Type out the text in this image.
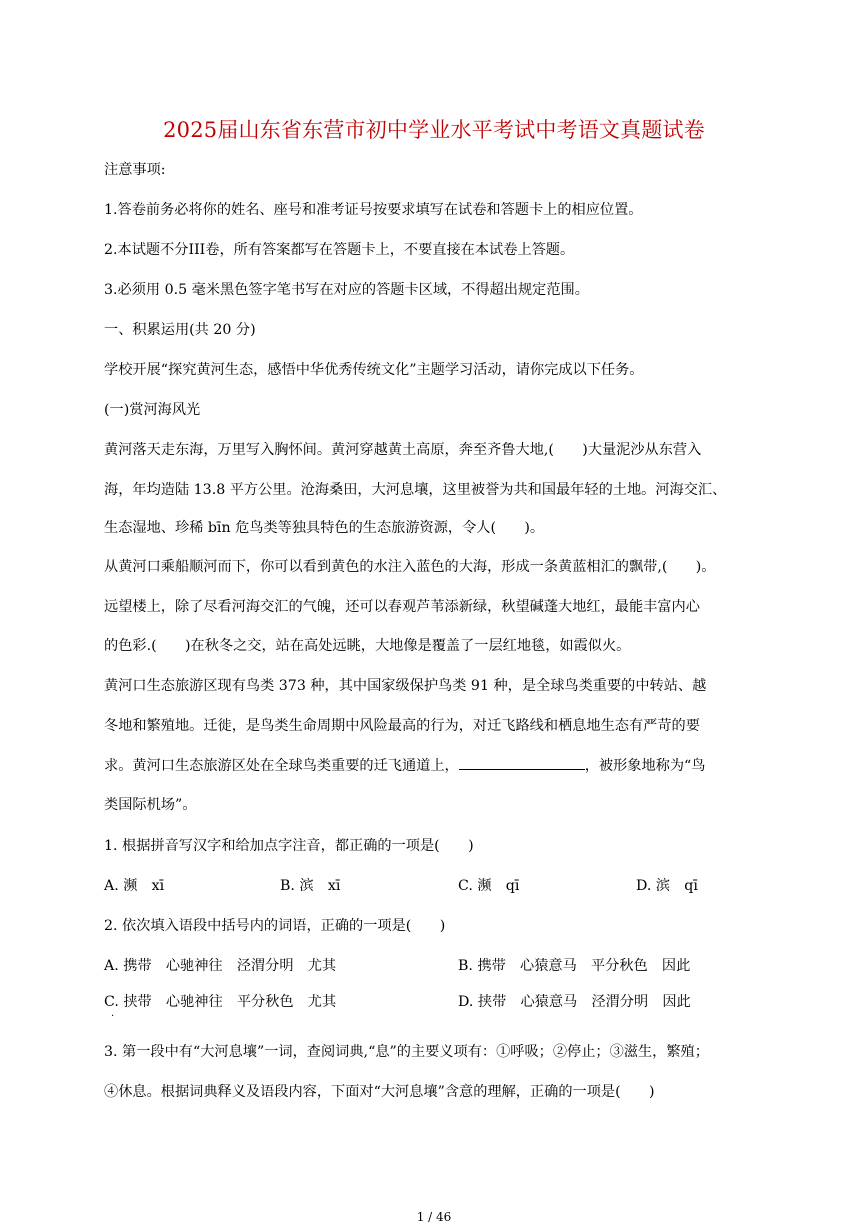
2025届山东省东营市初中学业水平考试中考语文真题试卷
注意事项:
1.答卷前务必将你的姓名、座号和准考证号按要求填写在试卷和答题卡上的相应位置。
2.本试题不分III卷，所有答案都写在答题卡上，不要直接在本试卷上答题。
3.必须用 0.5 毫米黑色签字笔书写在对应的答题卡区域，不得超出规定范围。
一、积累运用(共 20 分)
学校开展“探究黄河生态，感悟中华优秀传统文化”主题学习活动，请你完成以下任务。
(一)赏河海风光
黄河落天走东海，万里写入胸怀间。黄河穿越黄土高原，奔至齐鲁大地,(　　)大量泥沙从东营入
海，年均造陆 13.8 平方公里。沧海桑田，大河息壤，这里被誉为共和国最年轻的土地。河海交汇、
生态湿地、珍稀 bīn 危鸟类等独具特色的生态旅游资源，令人(　　)。
从黄河口乘船顺河而下，你可以看到黄色的水注入蓝色的大海，形成一条黄蓝相汇的飘带,(　　)。
远望楼上，除了尽看河海交汇的气魄，还可以春观芦苇添新绿，秋望碱蓬大地红，最能丰富内心
的色彩.(　　)在秋冬之交，站在高处远眺，大地像是覆盖了一层红地毯，如霞似火。
黄河口生态旅游区现有鸟类 373 种，其中国家级保护鸟类 91 种，是全球鸟类重要的中转站、越
冬地和繁殖地。迁徙，是鸟类生命周期中风险最高的行为，对迁飞路线和栖息地生态有严苛的要
求。黄河口生态旅游区处在全球鸟类重要的迁飞通道上，	，被形象地称为“鸟
类国际机场”。
1. 根据拼音写汉字和给加点字注音，都正确的一项是(　　)
A. 濒　xī	B. 滨　xī	C. 濒　qī	D. 滨　qī
2. 依次填入语段中括号内的词语，正确的一项是(　　)
A. 携带　心驰神往　泾渭分明　尤其	B. 携带　心猿意马　平分秋色　因此
C. 挟带　心驰神往　平分秋色　尤其	D. 挟带　心猿意马　泾渭分明　因此
·
3. 第一段中有“大河息壤”一词，查阅词典,“息”的主要义项有：①呼吸；②停止；③滋生，繁殖；
④休息。根据词典释义及语段内容，下面对“大河息壤”含意的理解，正确的一项是(　　)
1 / 46
